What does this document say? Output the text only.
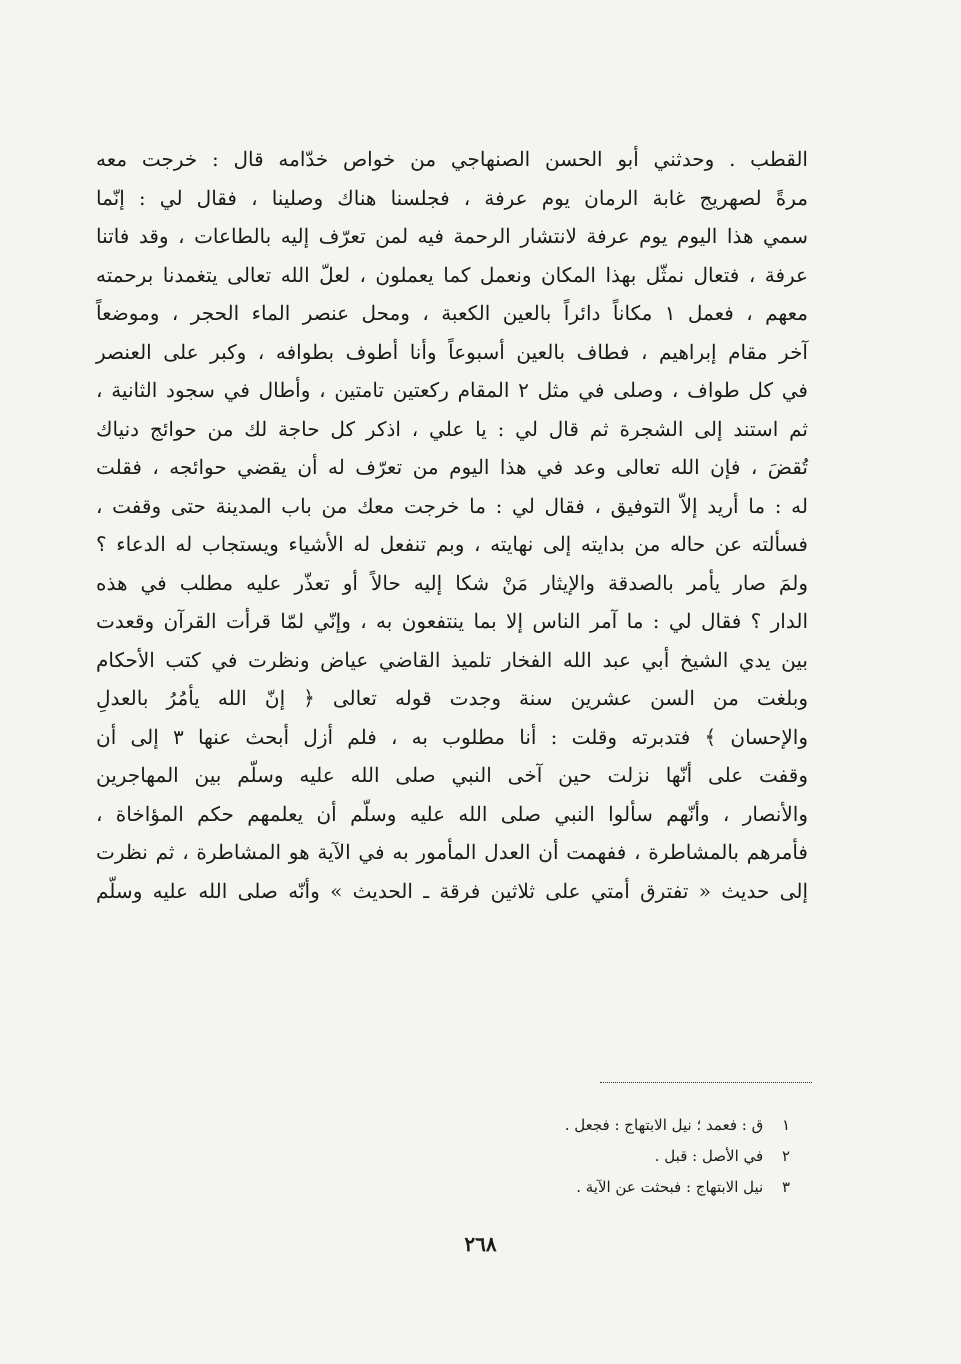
القطب . وحدثني أبو الحسن الصنهاجي من خواص خدّامه قال : خرجت معه
مرةً لصهريج غابة الرمان يوم عرفة ، فجلسنا هناك وصلينا ، فقال لي : إنّما
سمي هذا اليوم يوم عرفة لانتشار الرحمة فيه لمن تعرّف إليه بالطاعات ، وقد فاتنا
عرفة ، فتعال نمثّل بهذا المكان ونعمل كما يعملون ، لعلّ الله تعالى يتغمدنا برحمته
معهم ، فعمل ١ مكاناً دائراً بالعين الكعبة ، ومحل عنصر الماء الحجر ، وموضعاً
آخر مقام إبراهيم ، فطاف بالعين أسبوعاً وأنا أطوف بطوافه ، وكبر على العنصر
في كل طواف ، وصلى في مثل ٢ المقام ركعتين تامتين ، وأطال في سجود الثانية ،
ثم استند إلى الشجرة ثم قال لي : يا علي ، اذكر كل حاجة لك من حوائج دنياك
تُقضَ ، فإن الله تعالى وعد في هذا اليوم من تعرّف له أن يقضي حوائجه ، فقلت
له : ما أريد إلاّ التوفيق ، فقال لي : ما خرجت معك من باب المدينة حتى وقفت ،
فسألته عن حاله من بدايته إلى نهايته ، وبم تنفعل له الأشياء ويستجاب له الدعاء ؟
ولمَ صار يأمر بالصدقة والإيثار مَنْ شكا إليه حالاً أو تعذّر عليه مطلب في هذه
الدار ؟ فقال لي : ما آمر الناس إلا بما ينتفعون به ، وإنّي لمّا قرأت القرآن وقعدت
بين يدي الشيخ أبي عبد الله الفخار تلميذ القاضي عياض ونظرت في كتب الأحكام
وبلغت من السن عشرين سنة وجدت قوله تعالى ﴿ إنّ الله يأمُرُ بالعدلِ
والإحسان ﴾ فتدبرته وقلت : أنا مطلوب به ، فلم أزل أبحث عنها ٣ إلى أن
وقفت على أنّها نزلت حين آخى النبي صلى الله عليه وسلّم بين المهاجرين
والأنصار ، وأنّهم سألوا النبي صلى الله عليه وسلّم أن يعلمهم حكم المؤاخاة ،
فأمرهم بالمشاطرة ، ففهمت أن العدل المأمور به في الآية هو المشاطرة ، ثم نظرت
إلى حديث « تفترق أمتي على ثلاثين فرقة ـ الحديث » وأنّه صلى الله عليه وسلّم
١ ق : فعمد ؛ نيل الابتهاج : فجعل .
٢ في الأصل : قبل .
٣ نيل الابتهاج : فبحثت عن الآية .
٢٦٨
